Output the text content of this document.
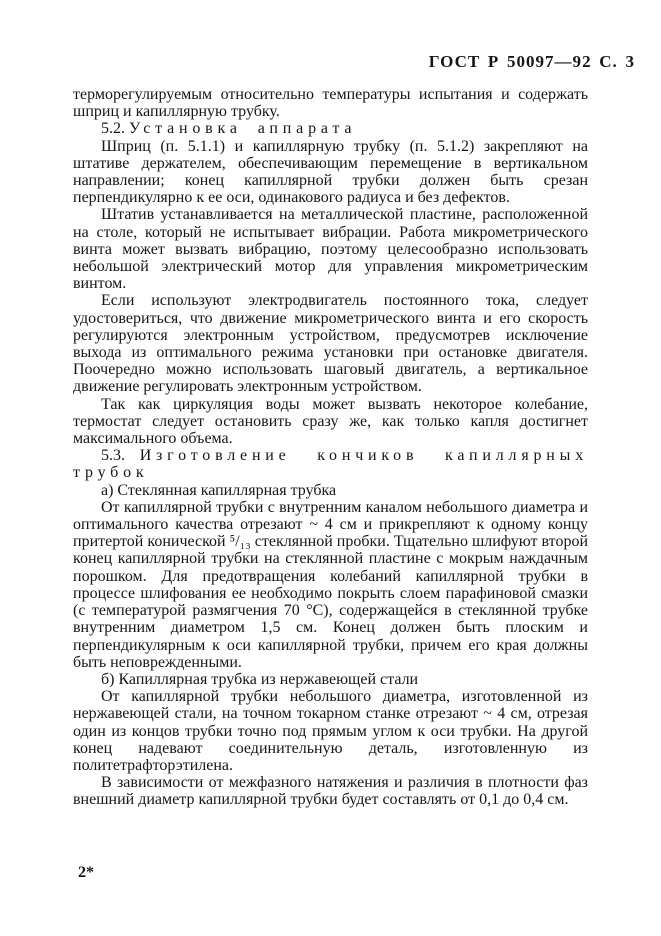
ГОСТ Р 50097—92 С. 3

терморегулируемым относительно температуры испытания и содержать шприц и капиллярную трубку.

5.2. Установка аппарата

Шприц (п. 5.1.1) и капиллярную трубку (п. 5.1.2) закрепляют на штативе держателем, обеспечивающим перемещение в вертикальном направлении; конец капиллярной трубки должен быть срезан перпендикулярно к ее оси, одинакового радиуса и без дефектов.

Штатив устанавливается на металлической пластине, расположенной на столе, который не испытывает вибрации. Работа микрометрического винта может вызвать вибрацию, поэтому целесообразно использовать небольшой электрический мотор для управления микрометрическим винтом.

Если используют электродвигатель постоянного тока, следует удостовериться, что движение микрометрического винта и его скорость регулируются электронным устройством, предусмотрев исключение выхода из оптимального режима установки при остановке двигателя. Поочередно можно использовать шаговый двигатель, а вертикальное движение регулировать электронным устройством.

Так как циркуляция воды может вызвать некоторое колебание, термостат следует остановить сразу же, как только капля достигнет максимального объема.

5.3. Изготовление кончиков капиллярных трубок

а) Стеклянная капиллярная трубка

От капиллярной трубки с внутренним каналом небольшого диаметра и оптимального качества отрезают ~ 4 см и прикрепляют к одному концу притертой конической ⁵/₁₃ стеклянной пробки. Тщательно шлифуют второй конец капиллярной трубки на стеклянной пластине с мокрым наждачным порошком. Для предотвращения колебаний капиллярной трубки в процессе шлифования ее необходимо покрыть слоем парафиновой смазки (с температурой размягчения 70 °С), содержащейся в стеклянной трубке внутренним диаметром 1,5 см. Конец должен быть плоским и перпендикулярным к оси капиллярной трубки, причем его края должны быть неповрежденными.

б) Капиллярная трубка из нержавеющей стали

От капиллярной трубки небольшого диаметра, изготовленной из нержавеющей стали, на точном токарном станке отрезают ~ 4 см, отрезая один из концов трубки точно под прямым углом к оси трубки. На другой конец надевают соединительную деталь, изготовленную из политетрафторэтилена.

В зависимости от межфазного натяжения и различия в плотности фаз внешний диаметр капиллярной трубки будет составлять от 0,1 до 0,4 см.

2*
